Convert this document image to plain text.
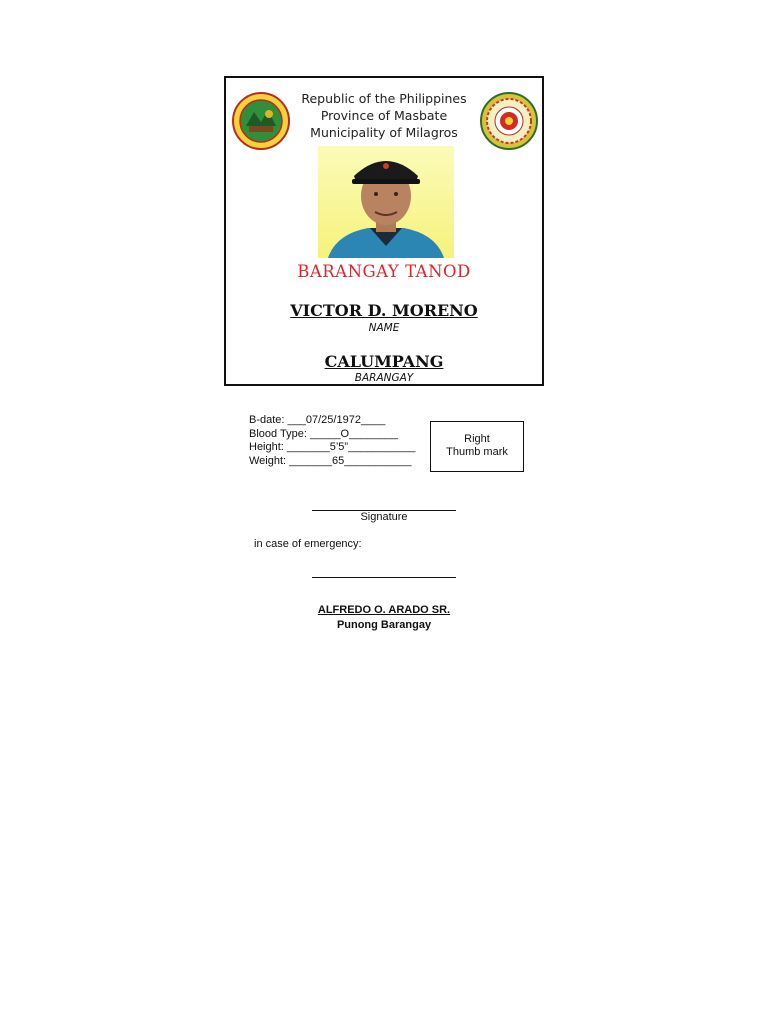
Republic of the Philippines
Province of Masbate
Municipality of Milagros
BARANGAY TANOD
VICTOR D. MORENO
NAME
CALUMPANG
BARANGAY
B-date: ___07/25/1972____
Blood Type: _____O________
Height: _______5’5”___________
Weight: _______65___________
Right
Thumb mark
Signature
in case of emergency:
ALFREDO O. ARADO SR.
Punong Barangay
